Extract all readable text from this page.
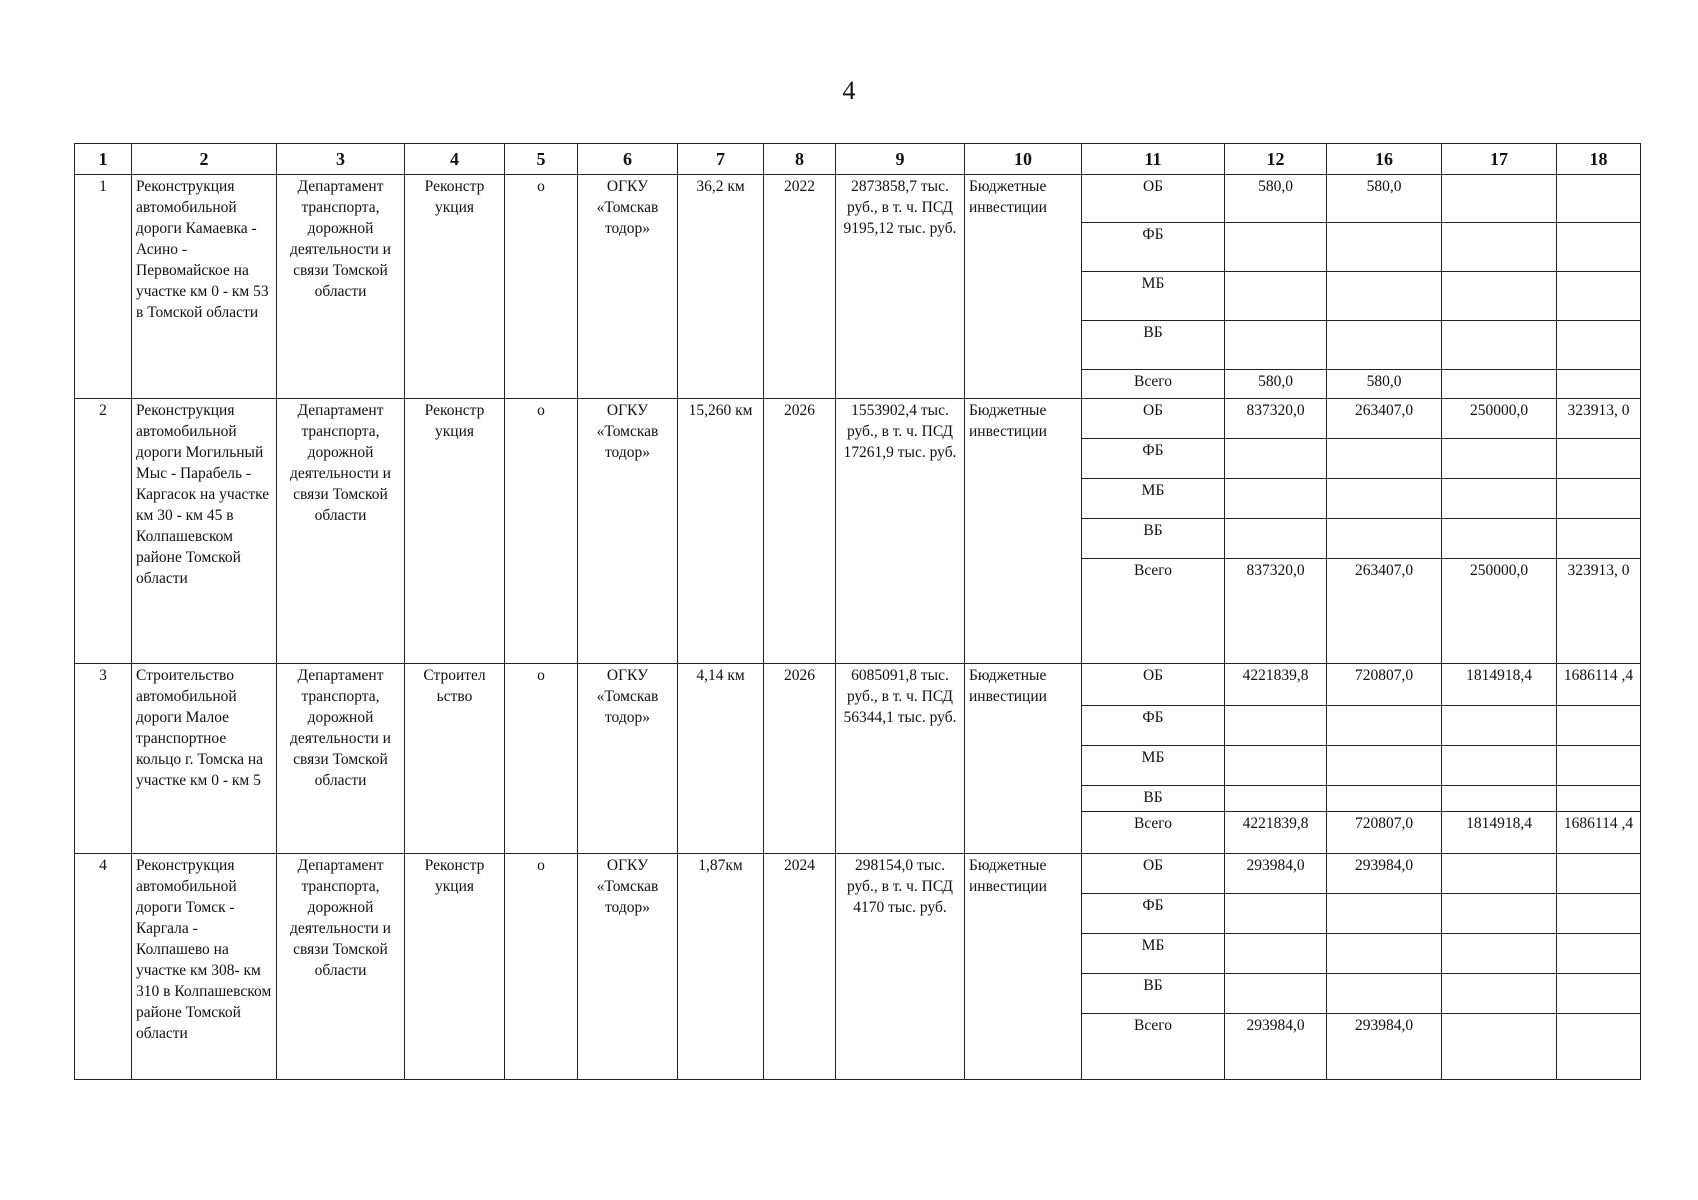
4
1	2	3	4	5	6	7	8	9	10	11	12	16	17	18
1	Реконструкция автомобильной дороги Камаевка - Асино - Первомайское на участке км 0 - км 53 в Томской области	Департамент транспорта, дорожной деятельности и связи Томской области	Реконстр укция	о	ОГКУ «Томскав тодор»	36,2 км	2022	2873858,7 тыс. руб., в т. ч. ПСД 9195,12 тыс. руб.	Бюджетные инвестиции	ОБ	580,0	580,0		
										ФБ				
										МБ				
										ВБ				
										Всего	580,0	580,0		
2	Реконструкция автомобильной дороги Могильный Мыс - Парабель - Каргасок на участке км 30 - км 45 в Колпашевском районе Томской области	Департамент транспорта, дорожной деятельности и связи Томской области	Реконстр укция	о	ОГКУ «Томскав тодор»	15,260 км	2026	1553902,4 тыс. руб., в т. ч. ПСД 17261,9 тыс. руб.	Бюджетные инвестиции	ОБ	837320,0	263407,0	250000,0	323913, 0
										ФБ				
										МБ				
										ВБ				
										Всего	837320,0	263407,0	250000,0	323913, 0
3	Строительство автомобильной дороги Малое транспортное кольцо г. Томска на участке км 0 - км 5	Департамент транспорта, дорожной деятельности и связи Томской области	Строител ьство	о	ОГКУ «Томскав тодор»	4,14 км	2026	6085091,8 тыс. руб., в т. ч. ПСД 56344,1 тыс. руб.	Бюджетные инвестиции	ОБ	4221839,8	720807,0	1814918,4	1686114 ,4
										ФБ				
										МБ				
										ВБ				
										Всего	4221839,8	720807,0	1814918,4	1686114 ,4
4	Реконструкция автомобильной дороги Томск - Каргала - Колпашево на участке км 308- км 310 в Колпашевском районе Томской области	Департамент транспорта, дорожной деятельности и связи Томской области	Реконстр укция	о	ОГКУ «Томскав тодор»	1,87км	2024	298154,0 тыс. руб., в т. ч. ПСД 4170 тыс. руб.	Бюджетные инвестиции	ОБ	293984,0	293984,0		
										ФБ				
										МБ				
										ВБ				
										Всего	293984,0	293984,0		
